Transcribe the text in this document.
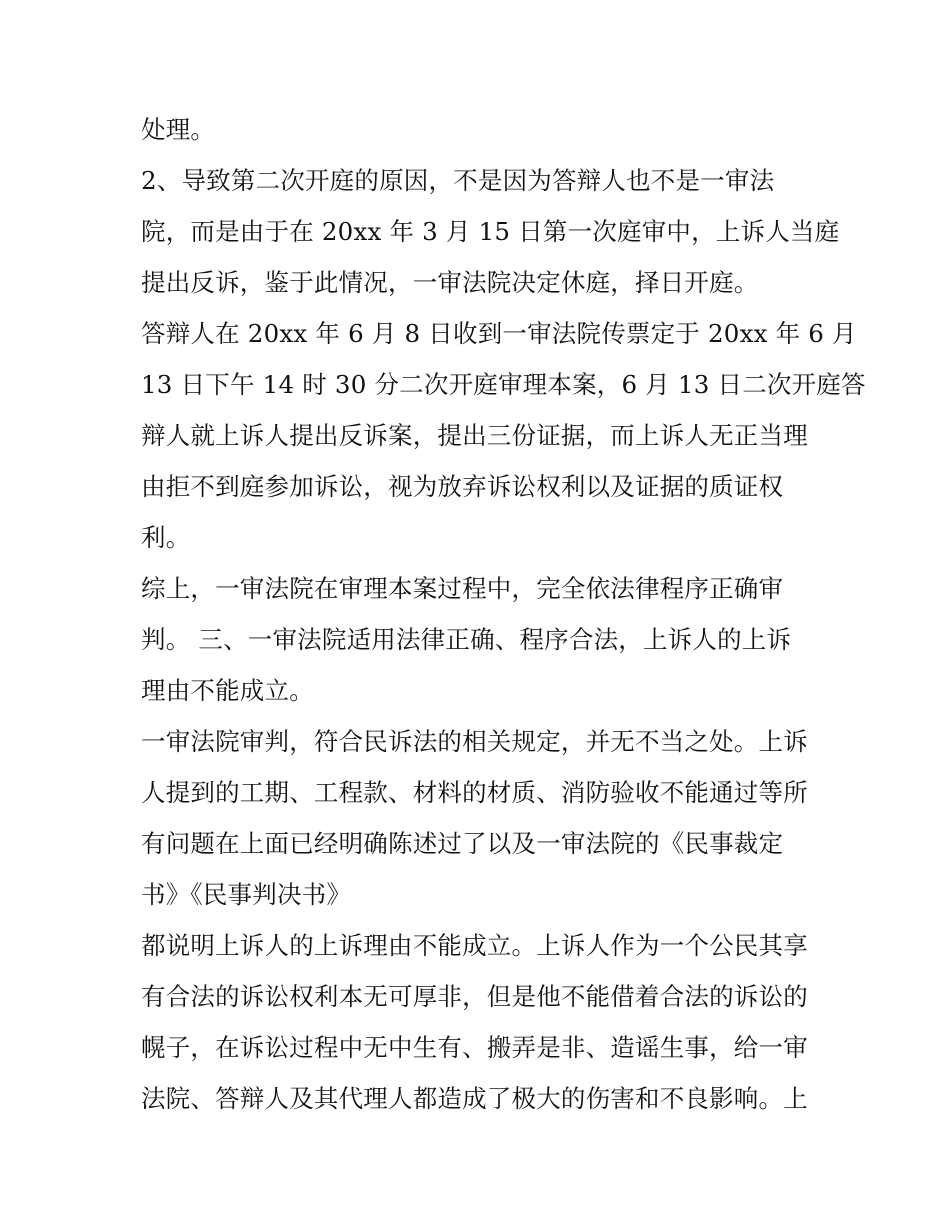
处理。
2、导致第二次开庭的原因，不是因为答辩人也不是一审法
院，而是由于在 20xx 年 3 月 15 日第一次庭审中，上诉人当庭
提出反诉，鉴于此情况，一审法院决定休庭，择日开庭。
答辩人在 20xx 年 6 月 8 日收到一审法院传票定于 20xx 年 6 月
13 日下午 14 时 30 分二次开庭审理本案，6 月 13 日二次开庭答
辩人就上诉人提出反诉案，提出三份证据，而上诉人无正当理
由拒不到庭参加诉讼，视为放弃诉讼权利以及证据的质证权
利。
综上，一审法院在审理本案过程中，完全依法律程序正确审
判。 三、一审法院适用法律正确、程序合法，上诉人的上诉
理由不能成立。
一审法院审判，符合民诉法的相关规定，并无不当之处。上诉
人提到的工期、工程款、材料的材质、消防验收不能通过等所
有问题在上面已经明确陈述过了以及一审法院的《民事裁定
书》《民事判决书》
都说明上诉人的上诉理由不能成立。上诉人作为一个公民其享
有合法的诉讼权利本无可厚非，但是他不能借着合法的诉讼的
幌子，在诉讼过程中无中生有、搬弄是非、造谣生事，给一审
法院、答辩人及其代理人都造成了极大的伤害和不良影响。上
